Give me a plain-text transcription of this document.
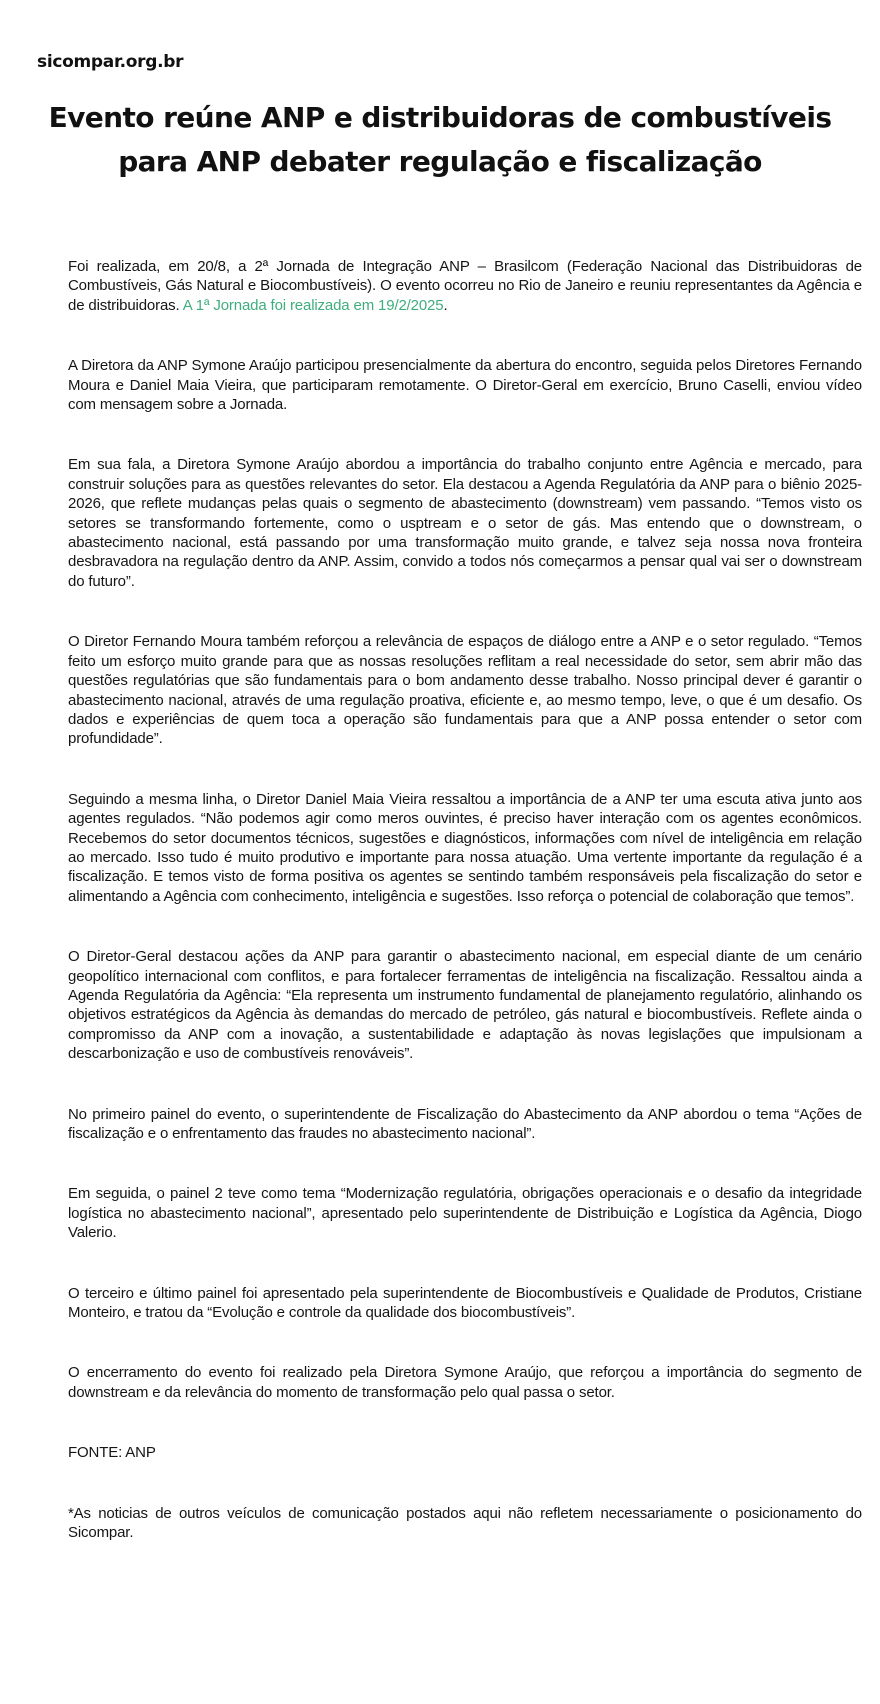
sicompar.org.br
Evento reúne ANP e distribuidoras de combustíveis para ANP debater regulação e fiscalização

Foi realizada, em 20/8, a 2ª Jornada de Integração ANP – Brasilcom (Federação Nacional das Distribuidoras de Combustíveis, Gás Natural e Biocombustíveis). O evento ocorreu no Rio de Janeiro e reuniu representantes da Agência e de distribuidoras. A 1ª Jornada foi realizada em 19/2/2025.

A Diretora da ANP Symone Araújo participou presencialmente da abertura do encontro, seguida pelos Diretores Fernando Moura e Daniel Maia Vieira, que participaram remotamente. O Diretor-Geral em exercício, Bruno Caselli, enviou vídeo com mensagem sobre a Jornada.

Em sua fala, a Diretora Symone Araújo abordou a importância do trabalho conjunto entre Agência e mercado, para construir soluções para as questões relevantes do setor. Ela destacou a Agenda Regulatória da ANP para o biênio 2025-2026, que reflete mudanças pelas quais o segmento de abastecimento (downstream) vem passando. “Temos visto os setores se transformando fortemente, como o usptream e o setor de gás. Mas entendo que o downstream, o abastecimento nacional, está passando por uma transformação muito grande, e talvez seja nossa nova fronteira desbravadora na regulação dentro da ANP. Assim, convido a todos nós começarmos a pensar qual vai ser o downstream do futuro”.

O Diretor Fernando Moura também reforçou a relevância de espaços de diálogo entre a ANP e o setor regulado. “Temos feito um esforço muito grande para que as nossas resoluções reflitam a real necessidade do setor, sem abrir mão das questões regulatórias que são fundamentais para o bom andamento desse trabalho. Nosso principal dever é garantir o abastecimento nacional, através de uma regulação proativa, eficiente e, ao mesmo tempo, leve, o que é um desafio. Os dados e experiências de quem toca a operação são fundamentais para que a ANP possa entender o setor com profundidade”.

Seguindo a mesma linha, o Diretor Daniel Maia Vieira ressaltou a importância de a ANP ter uma escuta ativa junto aos agentes regulados. “Não podemos agir como meros ouvintes, é preciso haver interação com os agentes econômicos. Recebemos do setor documentos técnicos, sugestões e diagnósticos, informações com nível de inteligência em relação ao mercado. Isso tudo é muito produtivo e importante para nossa atuação. Uma vertente importante da regulação é a fiscalização. E temos visto de forma positiva os agentes se sentindo também responsáveis pela fiscalização do setor e alimentando a Agência com conhecimento, inteligência e sugestões. Isso reforça o potencial de colaboração que temos”.

O Diretor-Geral destacou ações da ANP para garantir o abastecimento nacional, em especial diante de um cenário geopolítico internacional com conflitos, e para fortalecer ferramentas de inteligência na fiscalização. Ressaltou ainda a Agenda Regulatória da Agência: “Ela representa um instrumento fundamental de planejamento regulatório, alinhando os objetivos estratégicos da Agência às demandas do mercado de petróleo, gás natural e biocombustíveis. Reflete ainda o compromisso da ANP com a inovação, a sustentabilidade e adaptação às novas legislações que impulsionam a descarbonização e uso de combustíveis renováveis”.

No primeiro painel do evento, o superintendente de Fiscalização do Abastecimento da ANP abordou o tema “Ações de fiscalização e o enfrentamento das fraudes no abastecimento nacional”.

Em seguida, o painel 2 teve como tema “Modernização regulatória, obrigações operacionais e o desafio da integridade logística no abastecimento nacional”, apresentado pelo superintendente de Distribuição e Logística da Agência, Diogo Valerio.

O terceiro e último painel foi apresentado pela superintendente de Biocombustíveis e Qualidade de Produtos, Cristiane Monteiro, e tratou da “Evolução e controle da qualidade dos biocombustíveis”.

O encerramento do evento foi realizado pela Diretora Symone Araújo, que reforçou a importância do segmento de downstream e da relevância do momento de transformação pelo qual passa o setor.

FONTE: ANP

*As noticias de outros veículos de comunicação postados aqui não refletem necessariamente o posicionamento do Sicompar.
